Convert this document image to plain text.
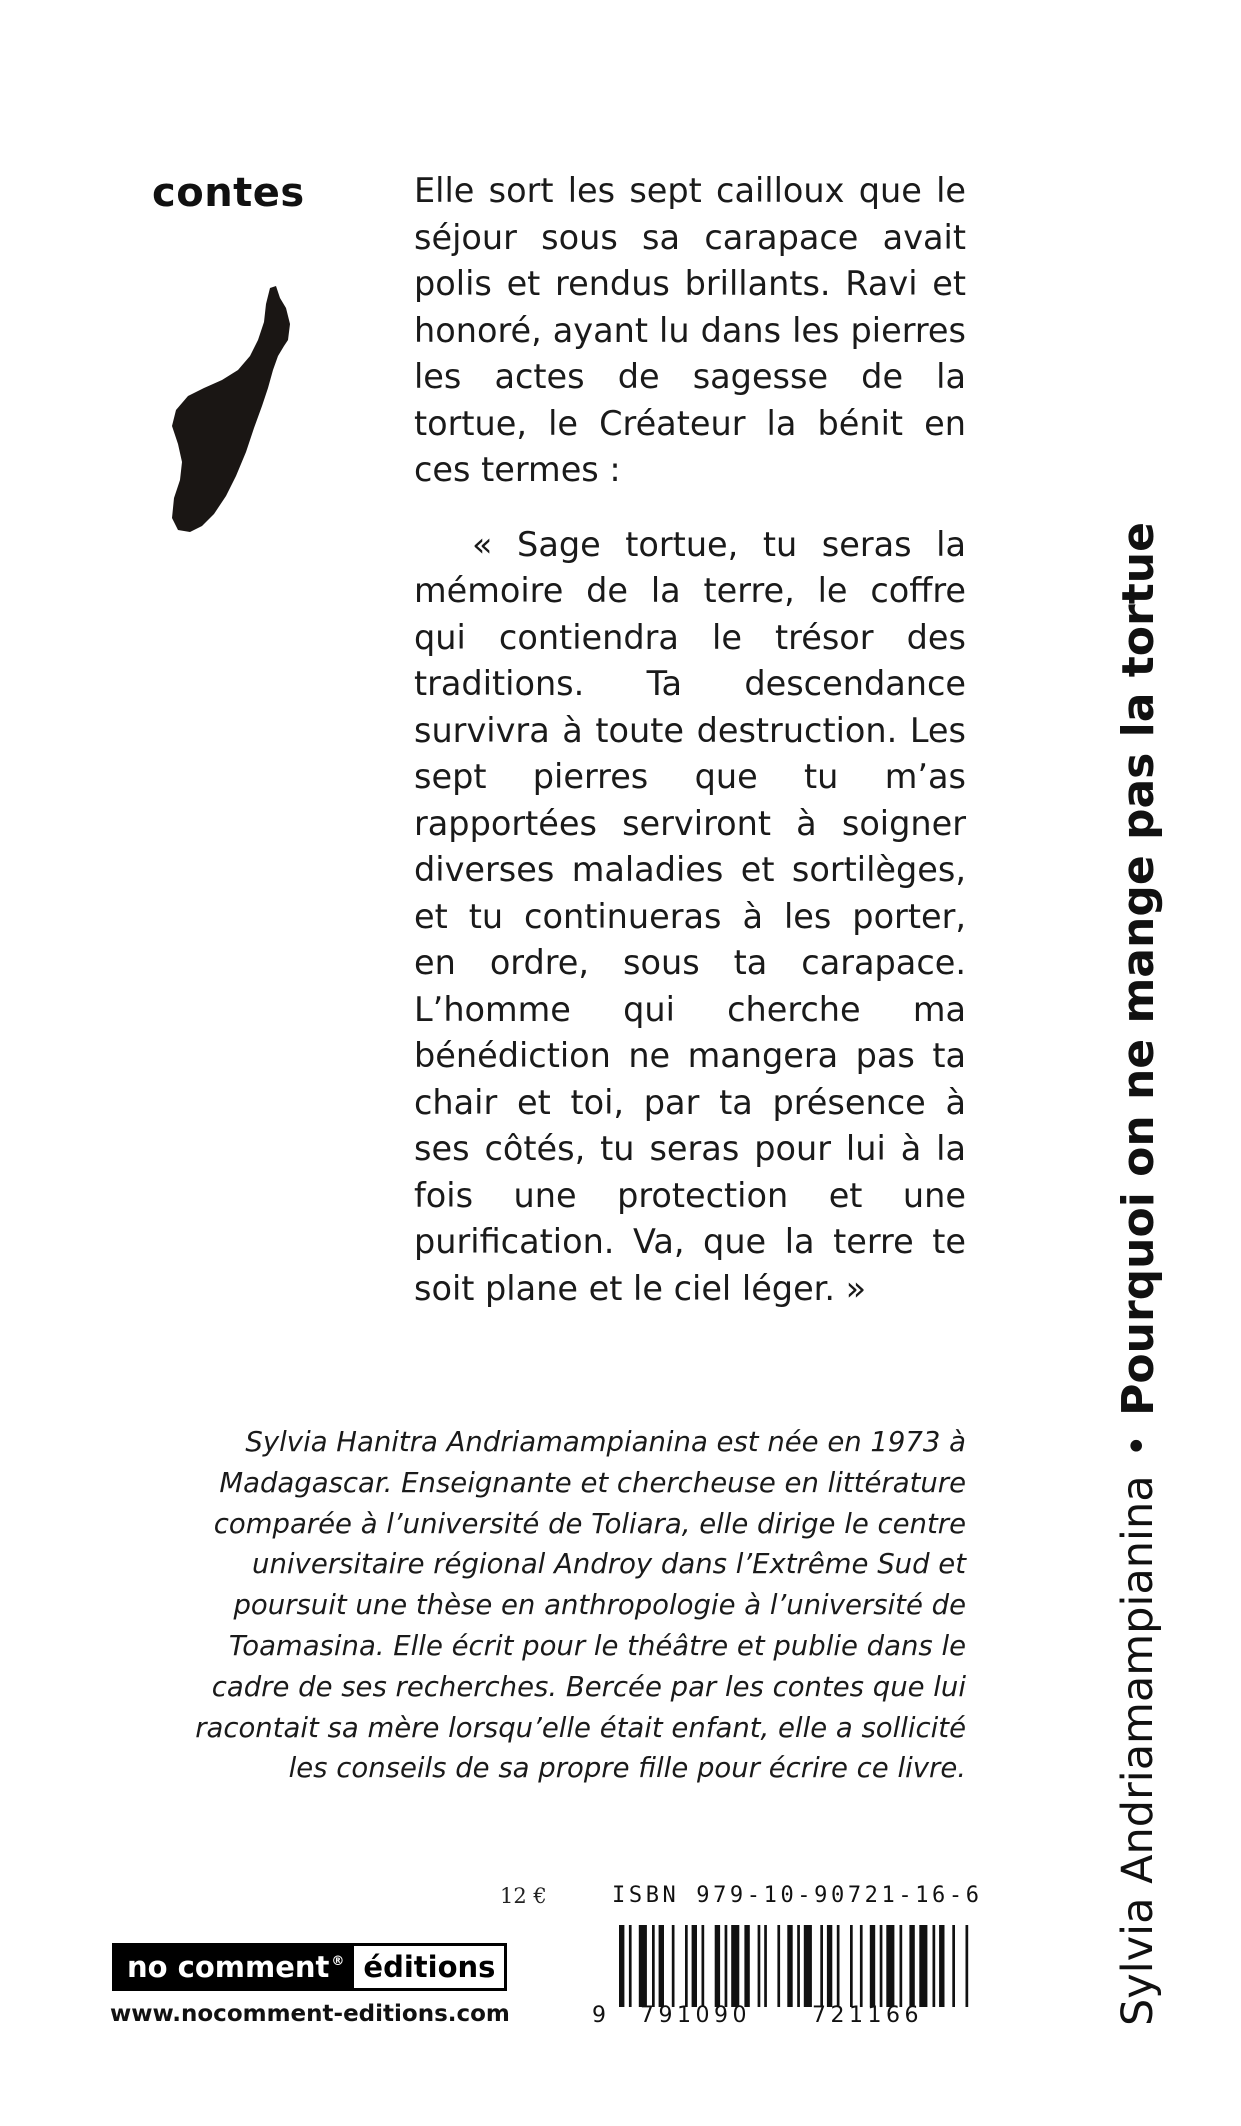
contes	Elle sort les sept cailloux que le séjour sous sa carapace avait polis et rendus brillants. Ravi et honoré, ayant lu dans les pierres les actes de sagesse de la tortue, le Créateur la bénit en ces termes :

« Sage tortue, tu seras la mémoire de la terre, le coffre qui contiendra le trésor des traditions. Ta descendance survivra à toute destruction. Les sept pierres que tu m’as rapportées serviront à soigner diverses maladies et sortilèges, et tu continueras à les porter, en ordre, sous ta carapace. L’homme qui cherche ma bénédiction ne mangera pas ta chair et toi, par ta présence à ses côtés, tu seras pour lui à la fois une protection et une purification. Va, que la terre te soit plane et le ciel léger. »

Sylvia Hanitra Andriamampianina est née en 1973 à
Madagascar. Enseignante et chercheuse en littérature
comparée à l’université de Toliara, elle dirige le centre
universitaire régional Androy dans l’Extrême Sud et
poursuit une thèse en anthropologie à l’université de
Toamasina. Elle écrit pour le théâtre et publie dans le
cadre de ses recherches. Bercée par les contes que lui
racontait sa mère lorsqu’elle était enfant, elle a sollicité
les conseils de sa propre fille pour écrire ce livre.
12 €
no comment® éditions
www.nocomment-editions.com
ISBN 979-10-90721-16-6
9 791090	721166	Sylvia Andriamampianina
•
Pourquoi on ne mange pas la tortue
